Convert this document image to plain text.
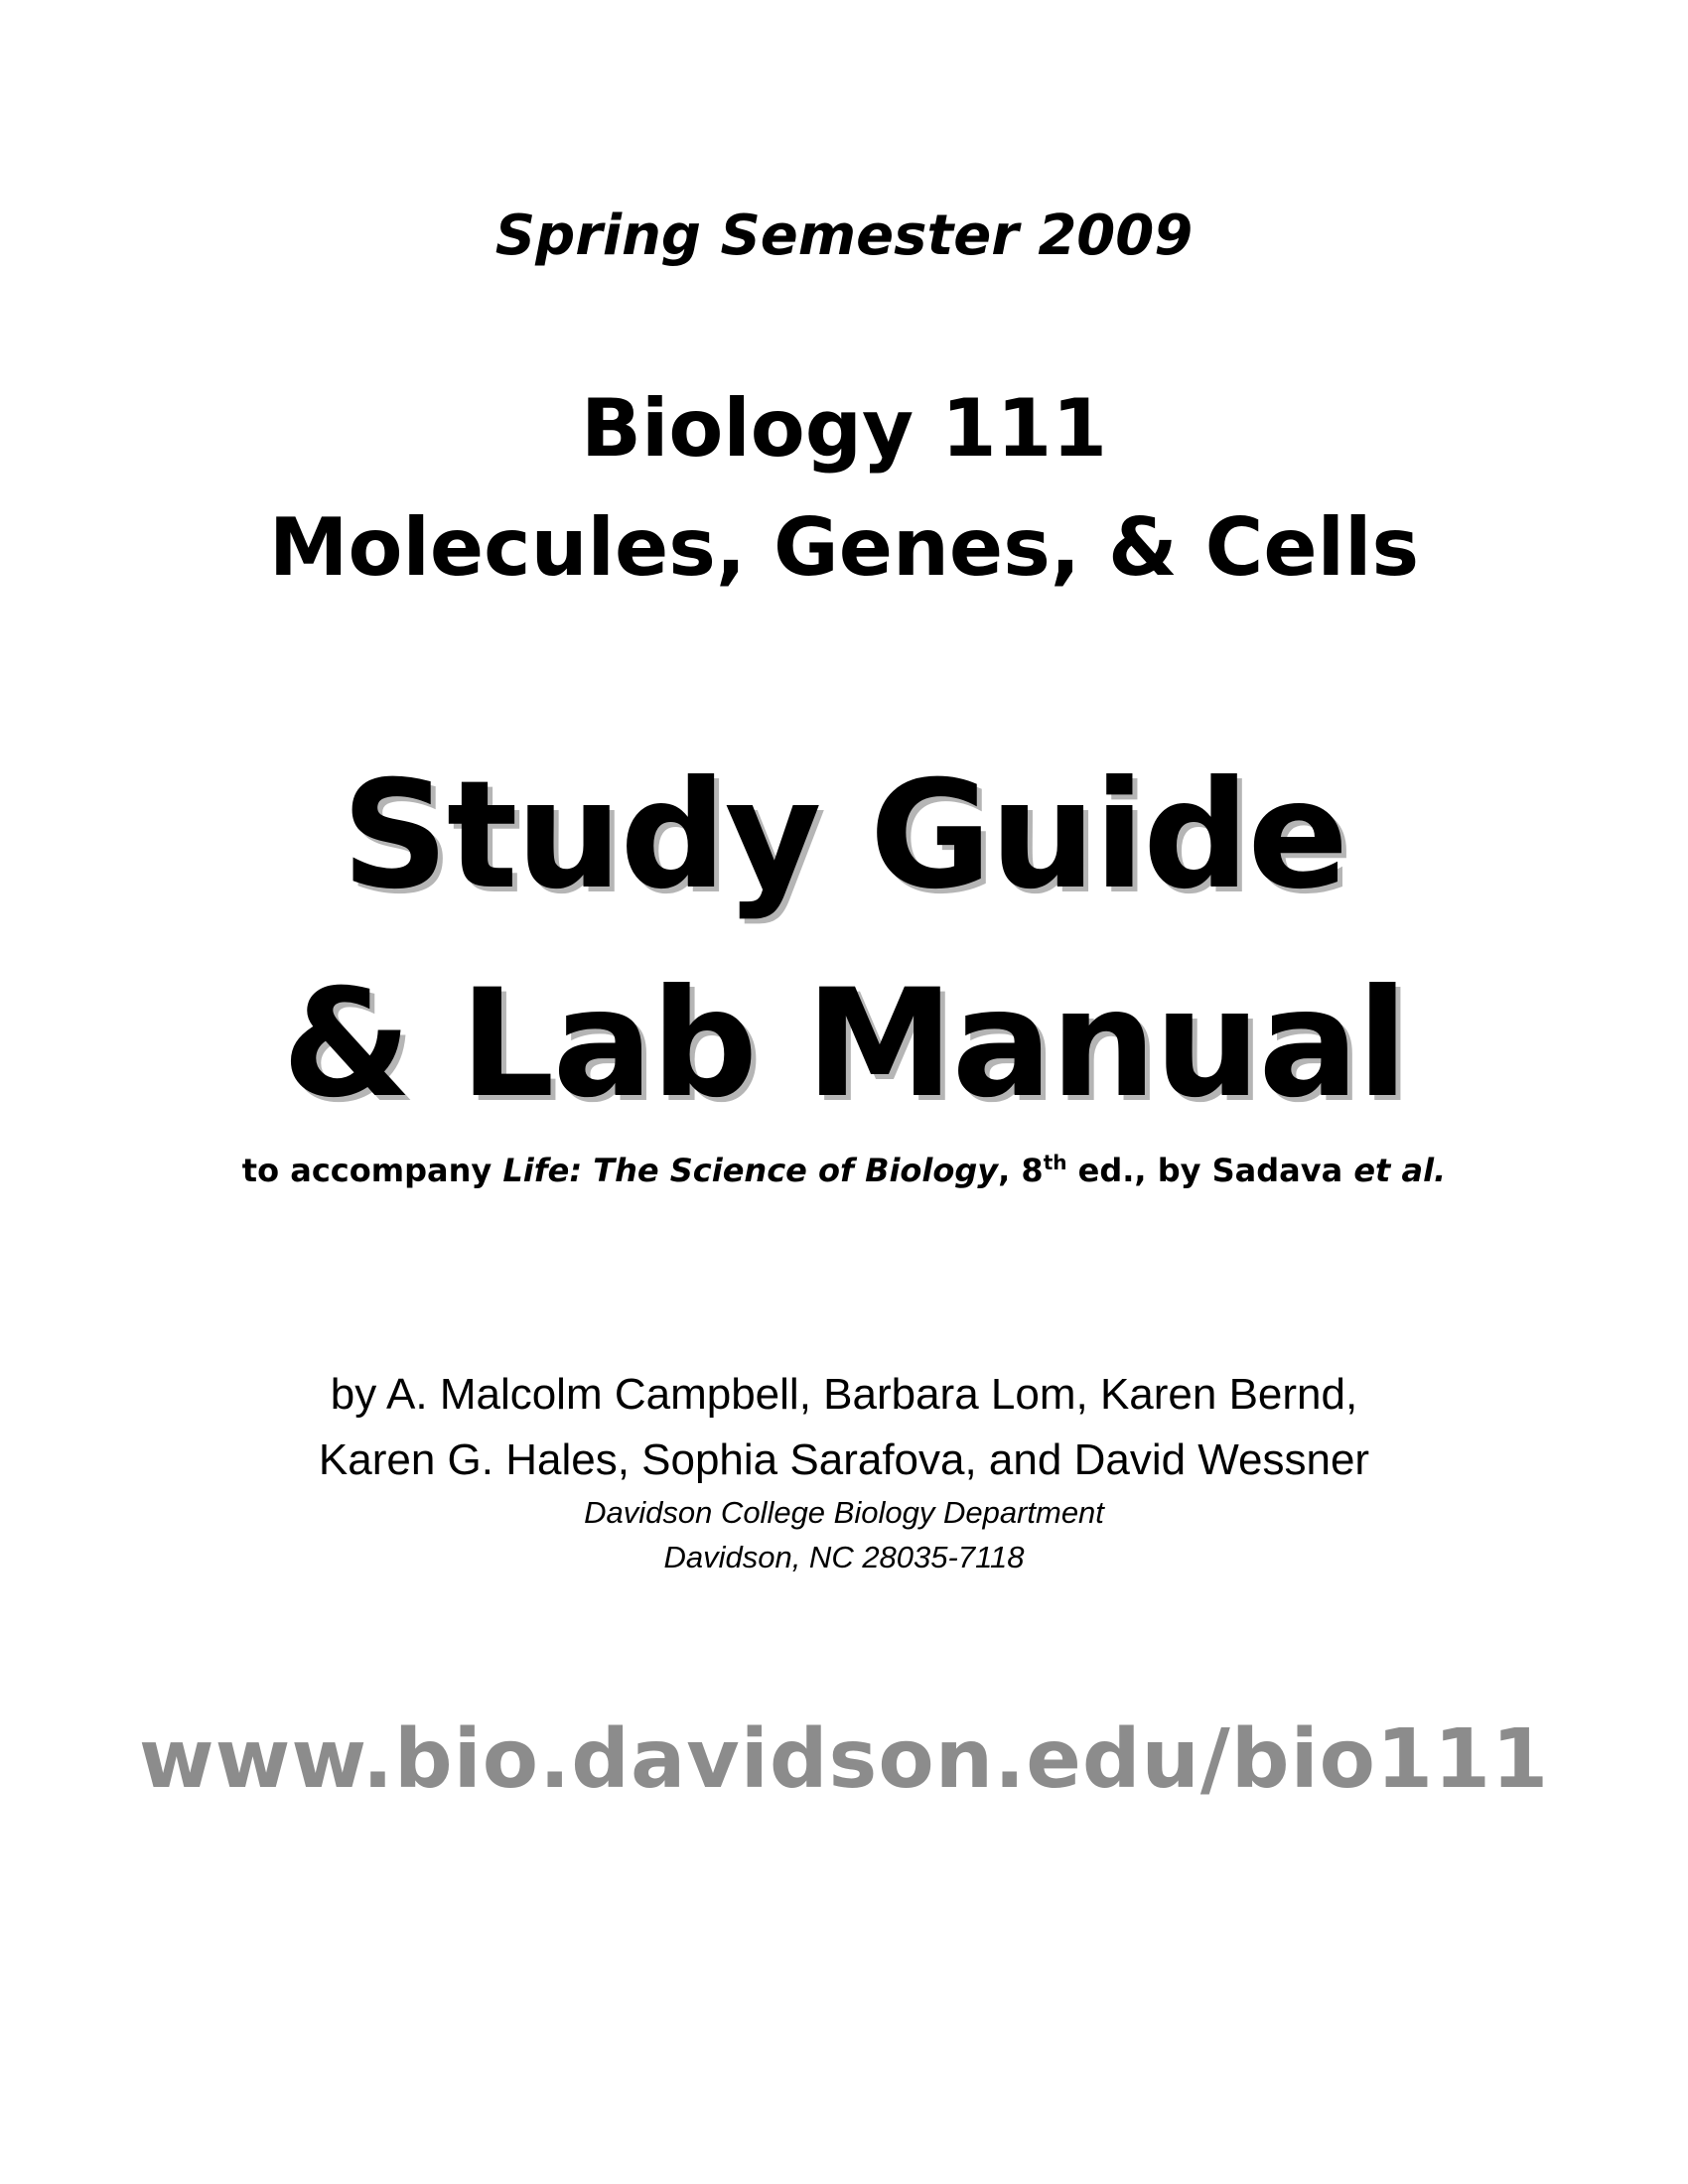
Spring Semester 2009
Biology 111
Molecules, Genes, & Cells
Study Guide
& Lab Manual
to accompany Life: The Science of Biology, 8th ed., by Sadava et al.
by A. Malcolm Campbell, Barbara Lom, Karen Bernd,
Karen G. Hales, Sophia Sarafova, and David Wessner
Davidson College Biology Department
Davidson, NC 28035-7118
www.bio.davidson.edu/bio111
